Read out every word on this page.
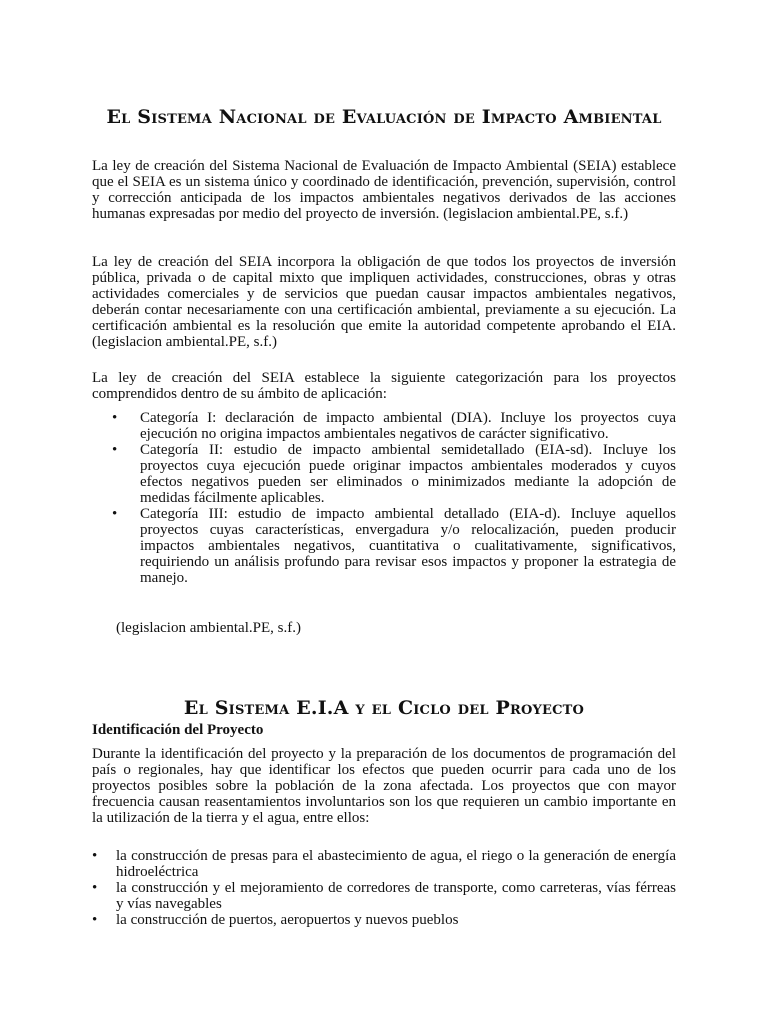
El Sistema Nacional de Evaluación de Impacto Ambiental

La ley de creación del Sistema Nacional de Evaluación de Impacto Ambiental (SEIA) establece que el SEIA es un sistema único y coordinado de identificación, prevención, supervisión, control y corrección anticipada de los impactos ambientales negativos derivados de las acciones humanas expresadas por medio del proyecto de inversión. (legislacion ambiental.PE, s.f.)

La ley de creación del SEIA incorpora la obligación de que todos los proyectos de inversión pública, privada o de capital mixto que impliquen actividades, construcciones, obras y otras actividades comerciales y de servicios que puedan causar impactos ambientales negativos, deberán contar necesariamente con una certificación ambiental, previamente a su ejecución. La certificación ambiental es la resolución que emite la autoridad competente aprobando el EIA. (legislacion ambiental.PE, s.f.)

La ley de creación del SEIA establece la siguiente categorización para los proyectos comprendidos dentro de su ámbito de aplicación:

• Categoría I: declaración de impacto ambiental (DIA). Incluye los proyectos cuya ejecución no origina impactos ambientales negativos de carácter significativo.
• Categoría II: estudio de impacto ambiental semidetallado (EIA-sd). Incluye los proyectos cuya ejecución puede originar impactos ambientales moderados y cuyos efectos negativos pueden ser eliminados o minimizados mediante la adopción de medidas fácilmente aplicables.
• Categoría III: estudio de impacto ambiental detallado (EIA-d). Incluye aquellos proyectos cuyas características, envergadura y/o relocalización, pueden producir impactos ambientales negativos, cuantitativa o cualitativamente, significativos, requiriendo un análisis profundo para revisar esos impactos y proponer la estrategia de manejo.

(legislacion ambiental.PE, s.f.)

El Sistema E.I.A y el Ciclo del Proyecto

Identificación del Proyecto

Durante la identificación del proyecto y la preparación de los documentos de programación del país o regionales, hay que identificar los efectos que pueden ocurrir para cada uno de los proyectos posibles sobre la población de la zona afectada. Los proyectos que con mayor frecuencia causan reasentamientos involuntarios son los que requieren un cambio importante en la utilización de la tierra y el agua, entre ellos:

• la construcción de presas para el abastecimiento de agua, el riego o la generación de energía hidroeléctrica
• la construcción y el mejoramiento de corredores de transporte, como carreteras, vías férreas y vías navegables
• la construcción de puertos, aeropuertos y nuevos pueblos
